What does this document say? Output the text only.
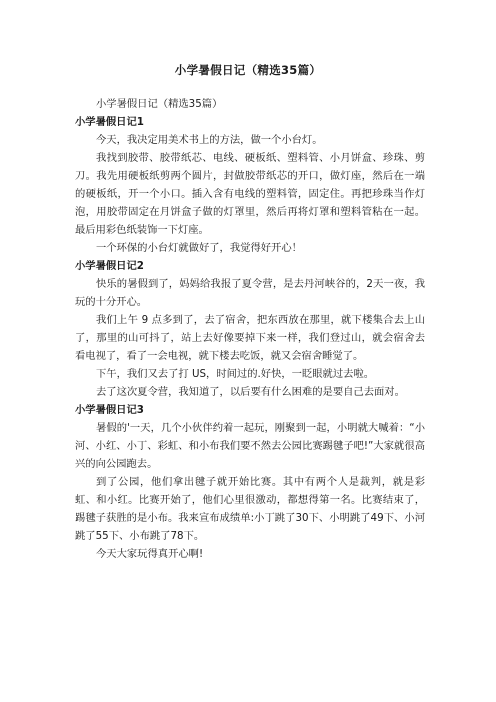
小学暑假日记（精选35篇）

小学暑假日记（精选35篇）

小学暑假日记1

今天，我决定用美术书上的方法，做一个小台灯。

我找到胶带、胶带纸芯、电线、硬板纸、塑料管、小月饼盒、珍珠、剪刀。我先用硬板纸剪两个圆片，封做胶带纸芯的开口，做灯座，然后在一端的硬板纸，开一个小口。插入含有电线的塑料管，固定住。再把珍珠当作灯泡，用胶带固定在月饼盒子做的灯罩里，然后再将灯罩和塑料管粘在一起。最后用彩色纸装饰一下灯座。

一个环保的小台灯就做好了，我觉得好开心！

小学暑假日记2

快乐的暑假到了，妈妈给我报了夏令营，是去丹河峡谷的，2天一夜，我玩的十分开心。

我们上午 9 点多到了，去了宿舍，把东西放在那里，就下楼集合去上山了，那里的山可抖了，站上去好像要掉下来一样，我们登过山，就会宿舍去看电视了，看了一会电视，就下楼去吃饭，就又会宿舍睡觉了。

下午，我们又去了打 US，时间过的.好快，一眨眼就过去啦。

去了这次夏令营，我知道了，以后要有什么困难的是要自己去面对。

小学暑假日记3

暑假的'一天，几个小伙伴约着一起玩，刚聚到一起，小明就大喊着：“小河、小红、小丁、彩虹、和小布我们要不然去公园比赛踢毽子吧!”大家就很高兴的向公园跑去。

到了公园，他们拿出毽子就开始比赛。其中有两个人是裁判，就是彩虹、和小红。比赛开始了，他们心里很激动，都想得第一名。比赛结束了，踢毽子获胜的是小布。我来宣布成绩单:小丁跳了30下、小明跳了49下、小河跳了55下、小布跳了78下。

今天大家玩得真开心啊!
